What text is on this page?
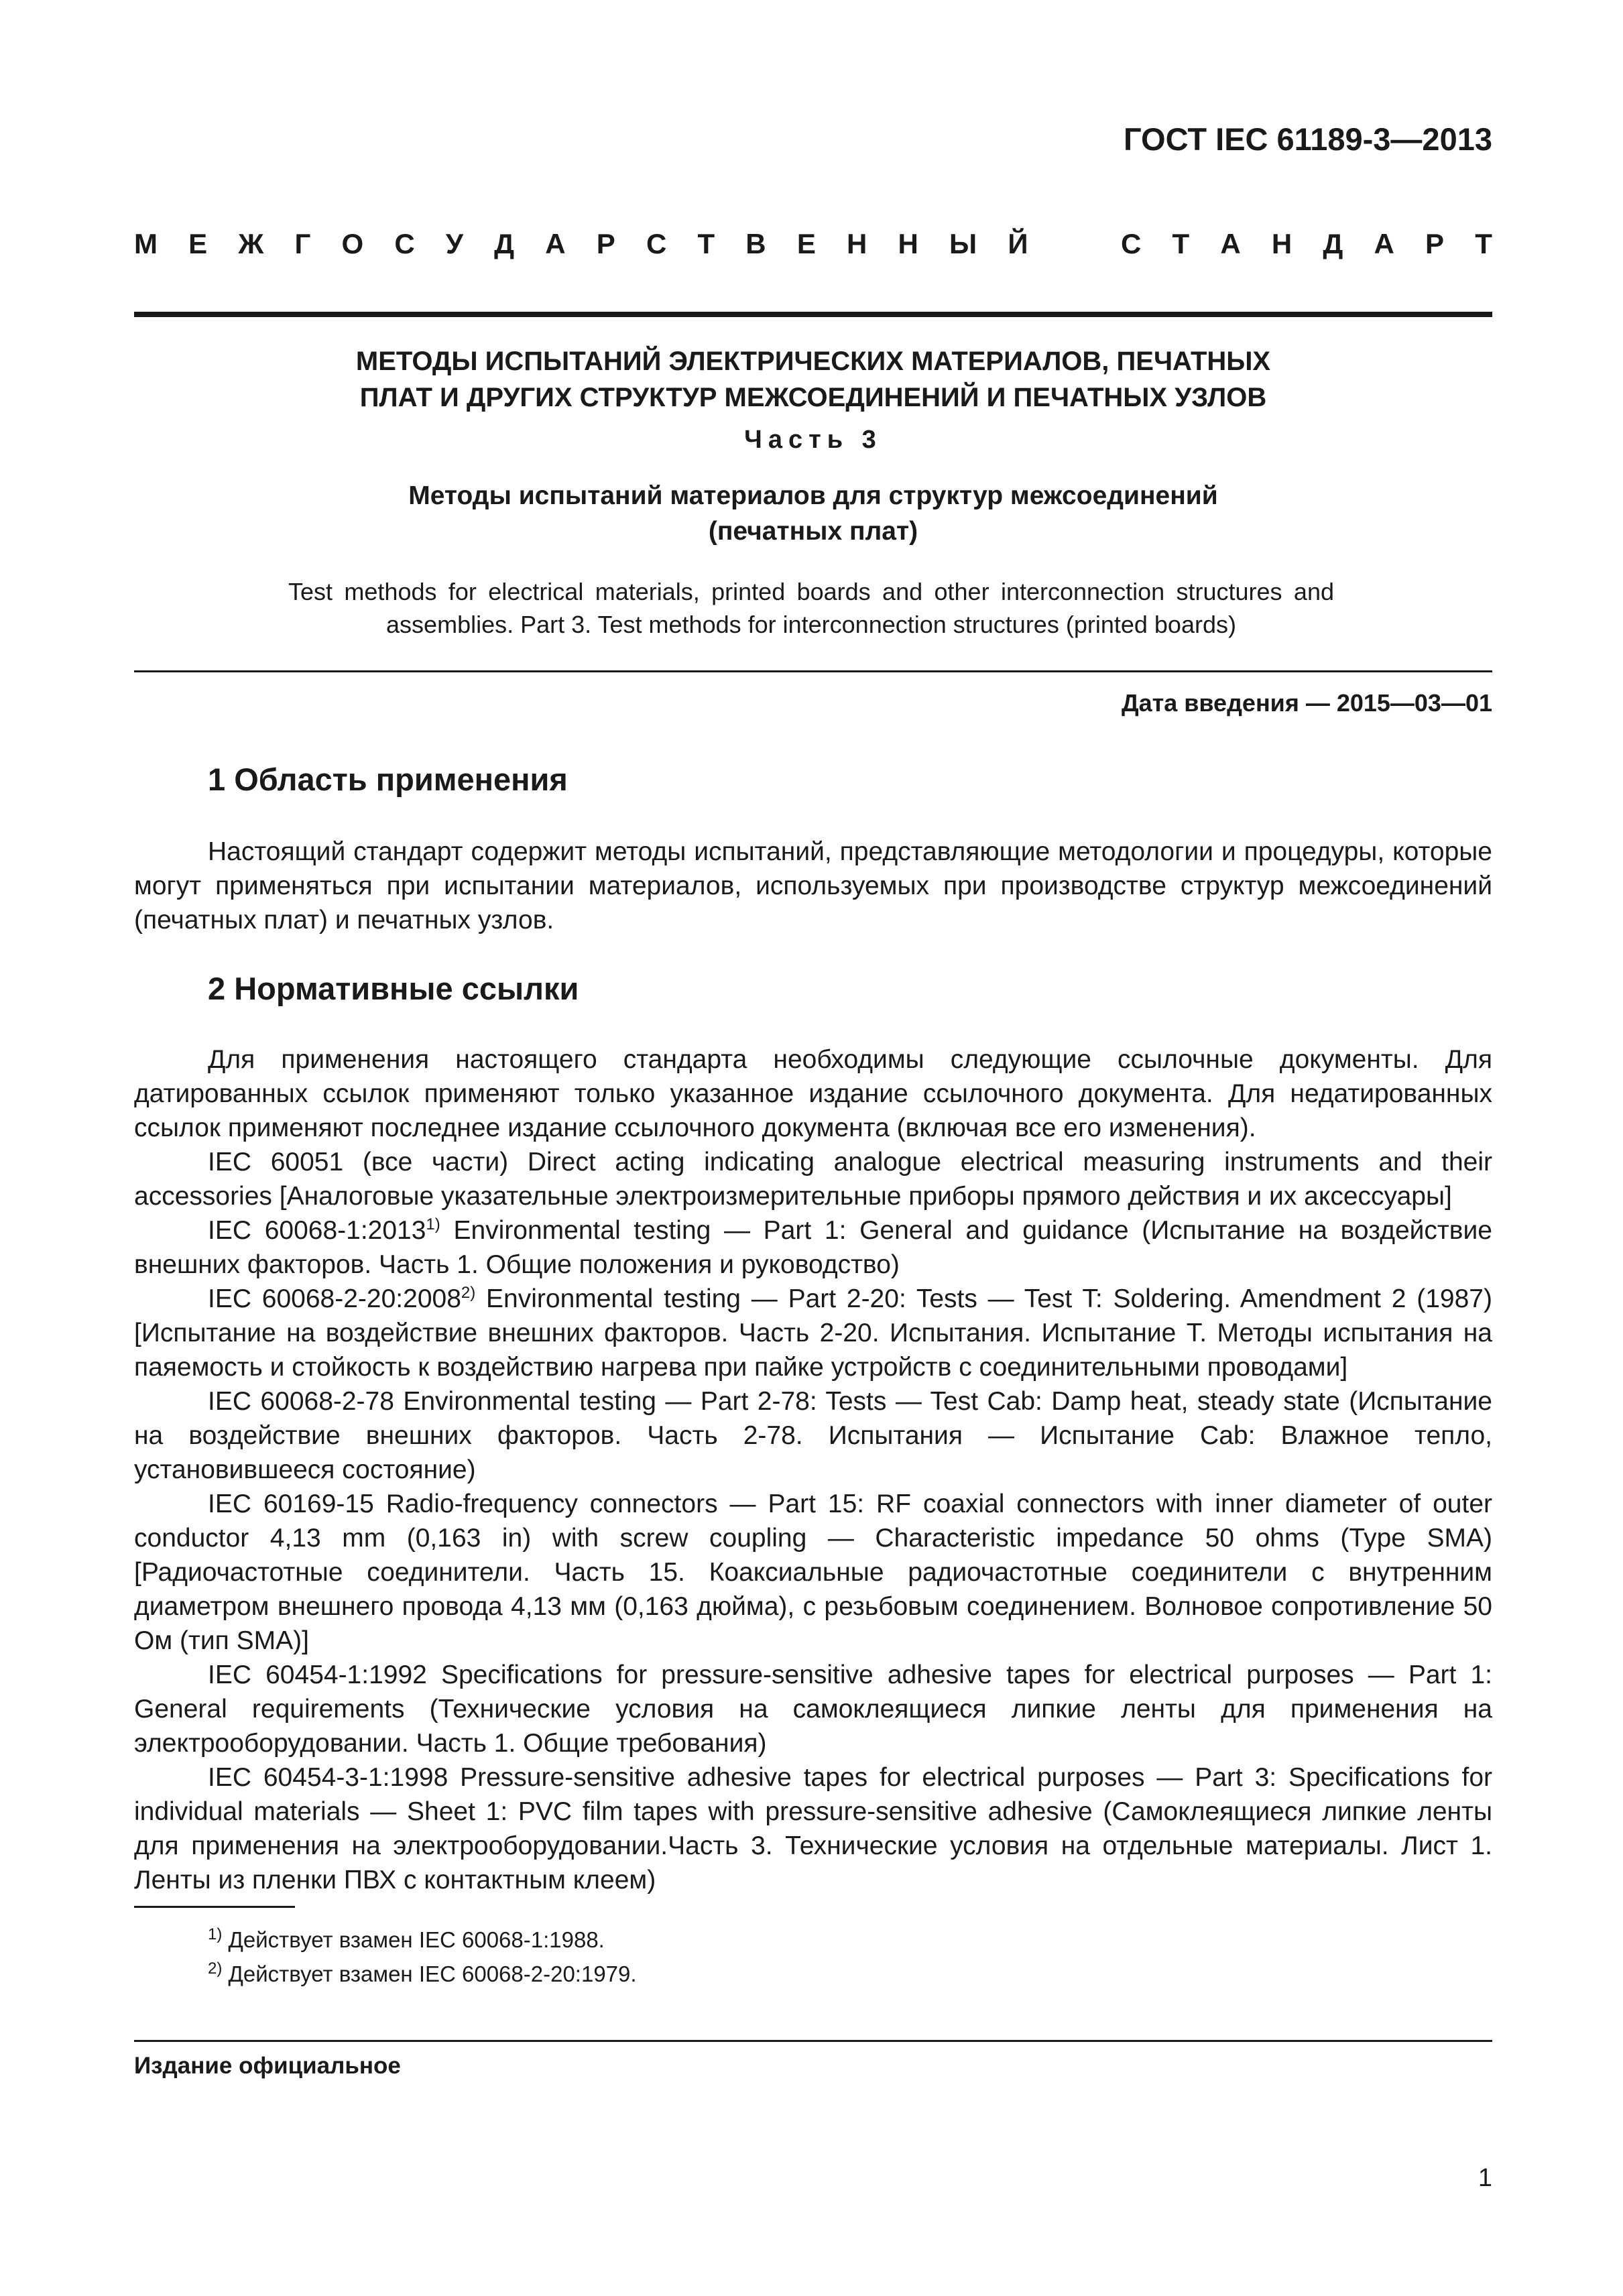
ГОСТ IEC 61189-3—2013
М Е Ж Г О С У Д А Р С Т В Е Н Н Ы Й	С Т А Н Д А Р Т
МЕТОДЫ ИСПЫТАНИЙ ЭЛЕКТРИЧЕСКИХ МАТЕРИАЛОВ, ПЕЧАТНЫХ
ПЛАТ И ДРУГИХ СТРУКТУР МЕЖСОЕДИНЕНИЙ И ПЕЧАТНЫХ УЗЛОВ
Часть 3
Методы испытаний материалов для структур межсоединений
(печатных плат)
Test methods for electrical materials, printed boards and other interconnection structures and assemblies. Part 3. Test methods for interconnection structures (printed boards)
Дата введения — 2015—03—01
1 Область применения

Настоящий стандарт содержит методы испытаний, представляющие методологии и процедуры, которые могут применяться при испытании материалов, используемых при производстве структур межсоединений (печатных плат) и печатных узлов.

2 Нормативные ссылки

Для применения настоящего стандарта необходимы следующие ссылочные документы. Для датированных ссылок применяют только указанное издание ссылочного документа. Для недатированных ссылок применяют последнее издание ссылочного документа (включая все его изменения).

IEC 60051 (все части) Direct acting indicating analogue electrical measuring instruments and their accessories [Аналоговые указательные электроизмерительные приборы прямого действия и их аксессуары]

IEC 60068-1:2013$^{1)}$ Environmental testing — Part 1: General and guidance (Испытание на воздействие внешних факторов. Часть 1. Общие положения и руководство)

IEC 60068-2-20:2008$^{2)}$ Environmental testing — Part 2-20: Tests — Test T: Soldering. Amendment 2 (1987) [Испытание на воздействие внешних факторов. Часть 2-20. Испытания. Испытание Т. Методы испытания на паяемость и стойкость к воздействию нагрева при пайке устройств с соединительными проводами]

IEC 60068-2-78 Environmental testing — Part 2-78: Tests — Test Cab: Damp heat, steady state (Испытание на воздействие внешних факторов. Часть 2-78. Испытания — Испытание Cab: Влажное тепло, установившееся состояние)

IEC 60169-15 Radio-frequency connectors — Part 15: RF coaxial connectors with inner diameter of outer conductor 4,13 mm (0,163 in) with screw coupling — Characteristic impedance 50 ohms (Type SMA) [Радиочастотные соединители. Часть 15. Коаксиальные радиочастотные соединители с внутренним диаметром внешнего провода 4,13 мм (0,163 дюйма), с резьбовым соединением. Волновое сопротивление 50 Ом (тип SMA)]

IEC 60454-1:1992 Specifications for pressure-sensitive adhesive tapes for electrical purposes — Part 1: General requirements (Технические условия на самоклеящиеся липкие ленты для применения на электрооборудовании. Часть 1. Общие требования)

IEC 60454-3-1:1998 Pressure-sensitive adhesive tapes for electrical purposes — Part 3: Specifications for individual materials — Sheet 1: PVC film tapes with pressure-sensitive adhesive (Самоклеящиеся липкие ленты для применения на электрооборудовании.Часть 3. Технические условия на отдельные материалы. Лист 1. Ленты из пленки ПВХ с контактным клеем)

$^{1)}$ Действует взамен IEC 60068-1:1988.
$^{2)}$ Действует взамен IEC 60068-2-20:1979.
Издание официальное
1
